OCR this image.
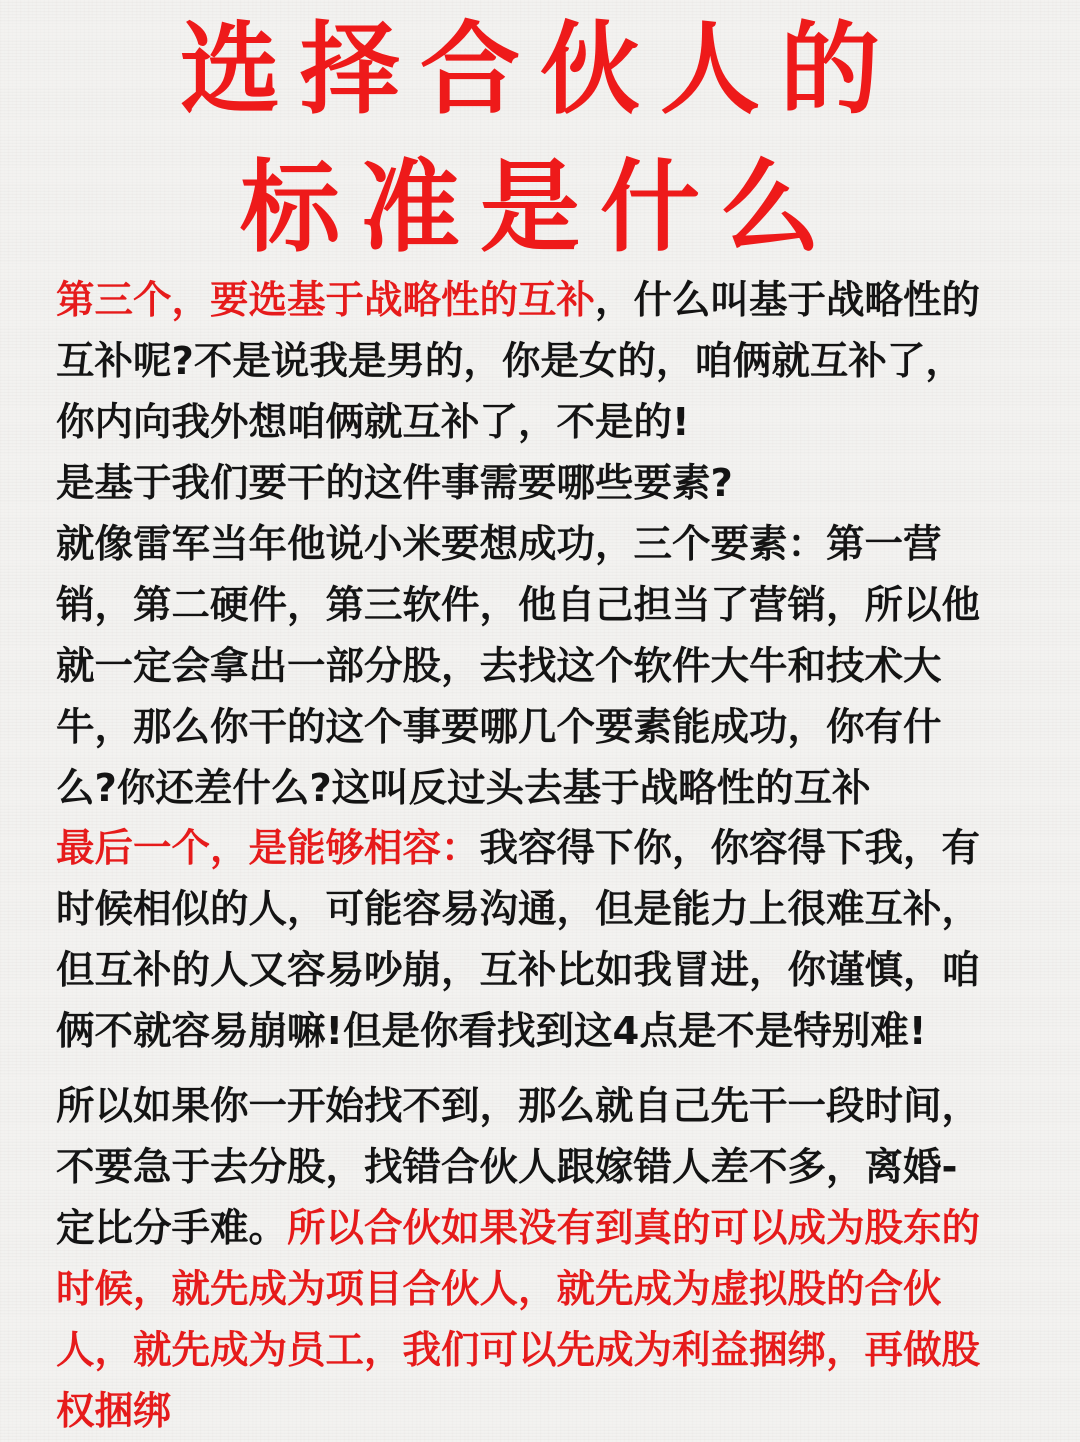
选择合伙人的
标准是什么

第三个，要选基于战略性的互补，什么叫基于战略性的
互补呢?不是说我是男的，你是女的，咱俩就互补了，
你内向我外想咱俩就互补了，不是的!
是基于我们要干的这件事需要哪些要素?
就像雷军当年他说小米要想成功，三个要素：第一营
销，第二硬件，第三软件，他自己担当了营销，所以他
就一定会拿出一部分股，去找这个软件大牛和技术大
牛，那么你干的这个事要哪几个要素能成功，你有什
么?你还差什么?这叫反过头去基于战略性的互补

最后一个，是能够相容：我容得下你，你容得下我，有
时候相似的人，可能容易沟通，但是能力上很难互补，
但互补的人又容易吵崩，互补比如我冒进，你谨慎，咱
俩不就容易崩嘛!但是你看找到这4点是不是特别难!

所以如果你一开始找不到，那么就自己先干一段时间，
不要急于去分股，找错合伙人跟嫁错人差不多，离婚-
定比分手难。所以合伙如果没有到真的可以成为股东的
时候，就先成为项目合伙人，就先成为虚拟股的合伙
人，就先成为员工，我们可以先成为利益捆绑，再做股
权捆绑
